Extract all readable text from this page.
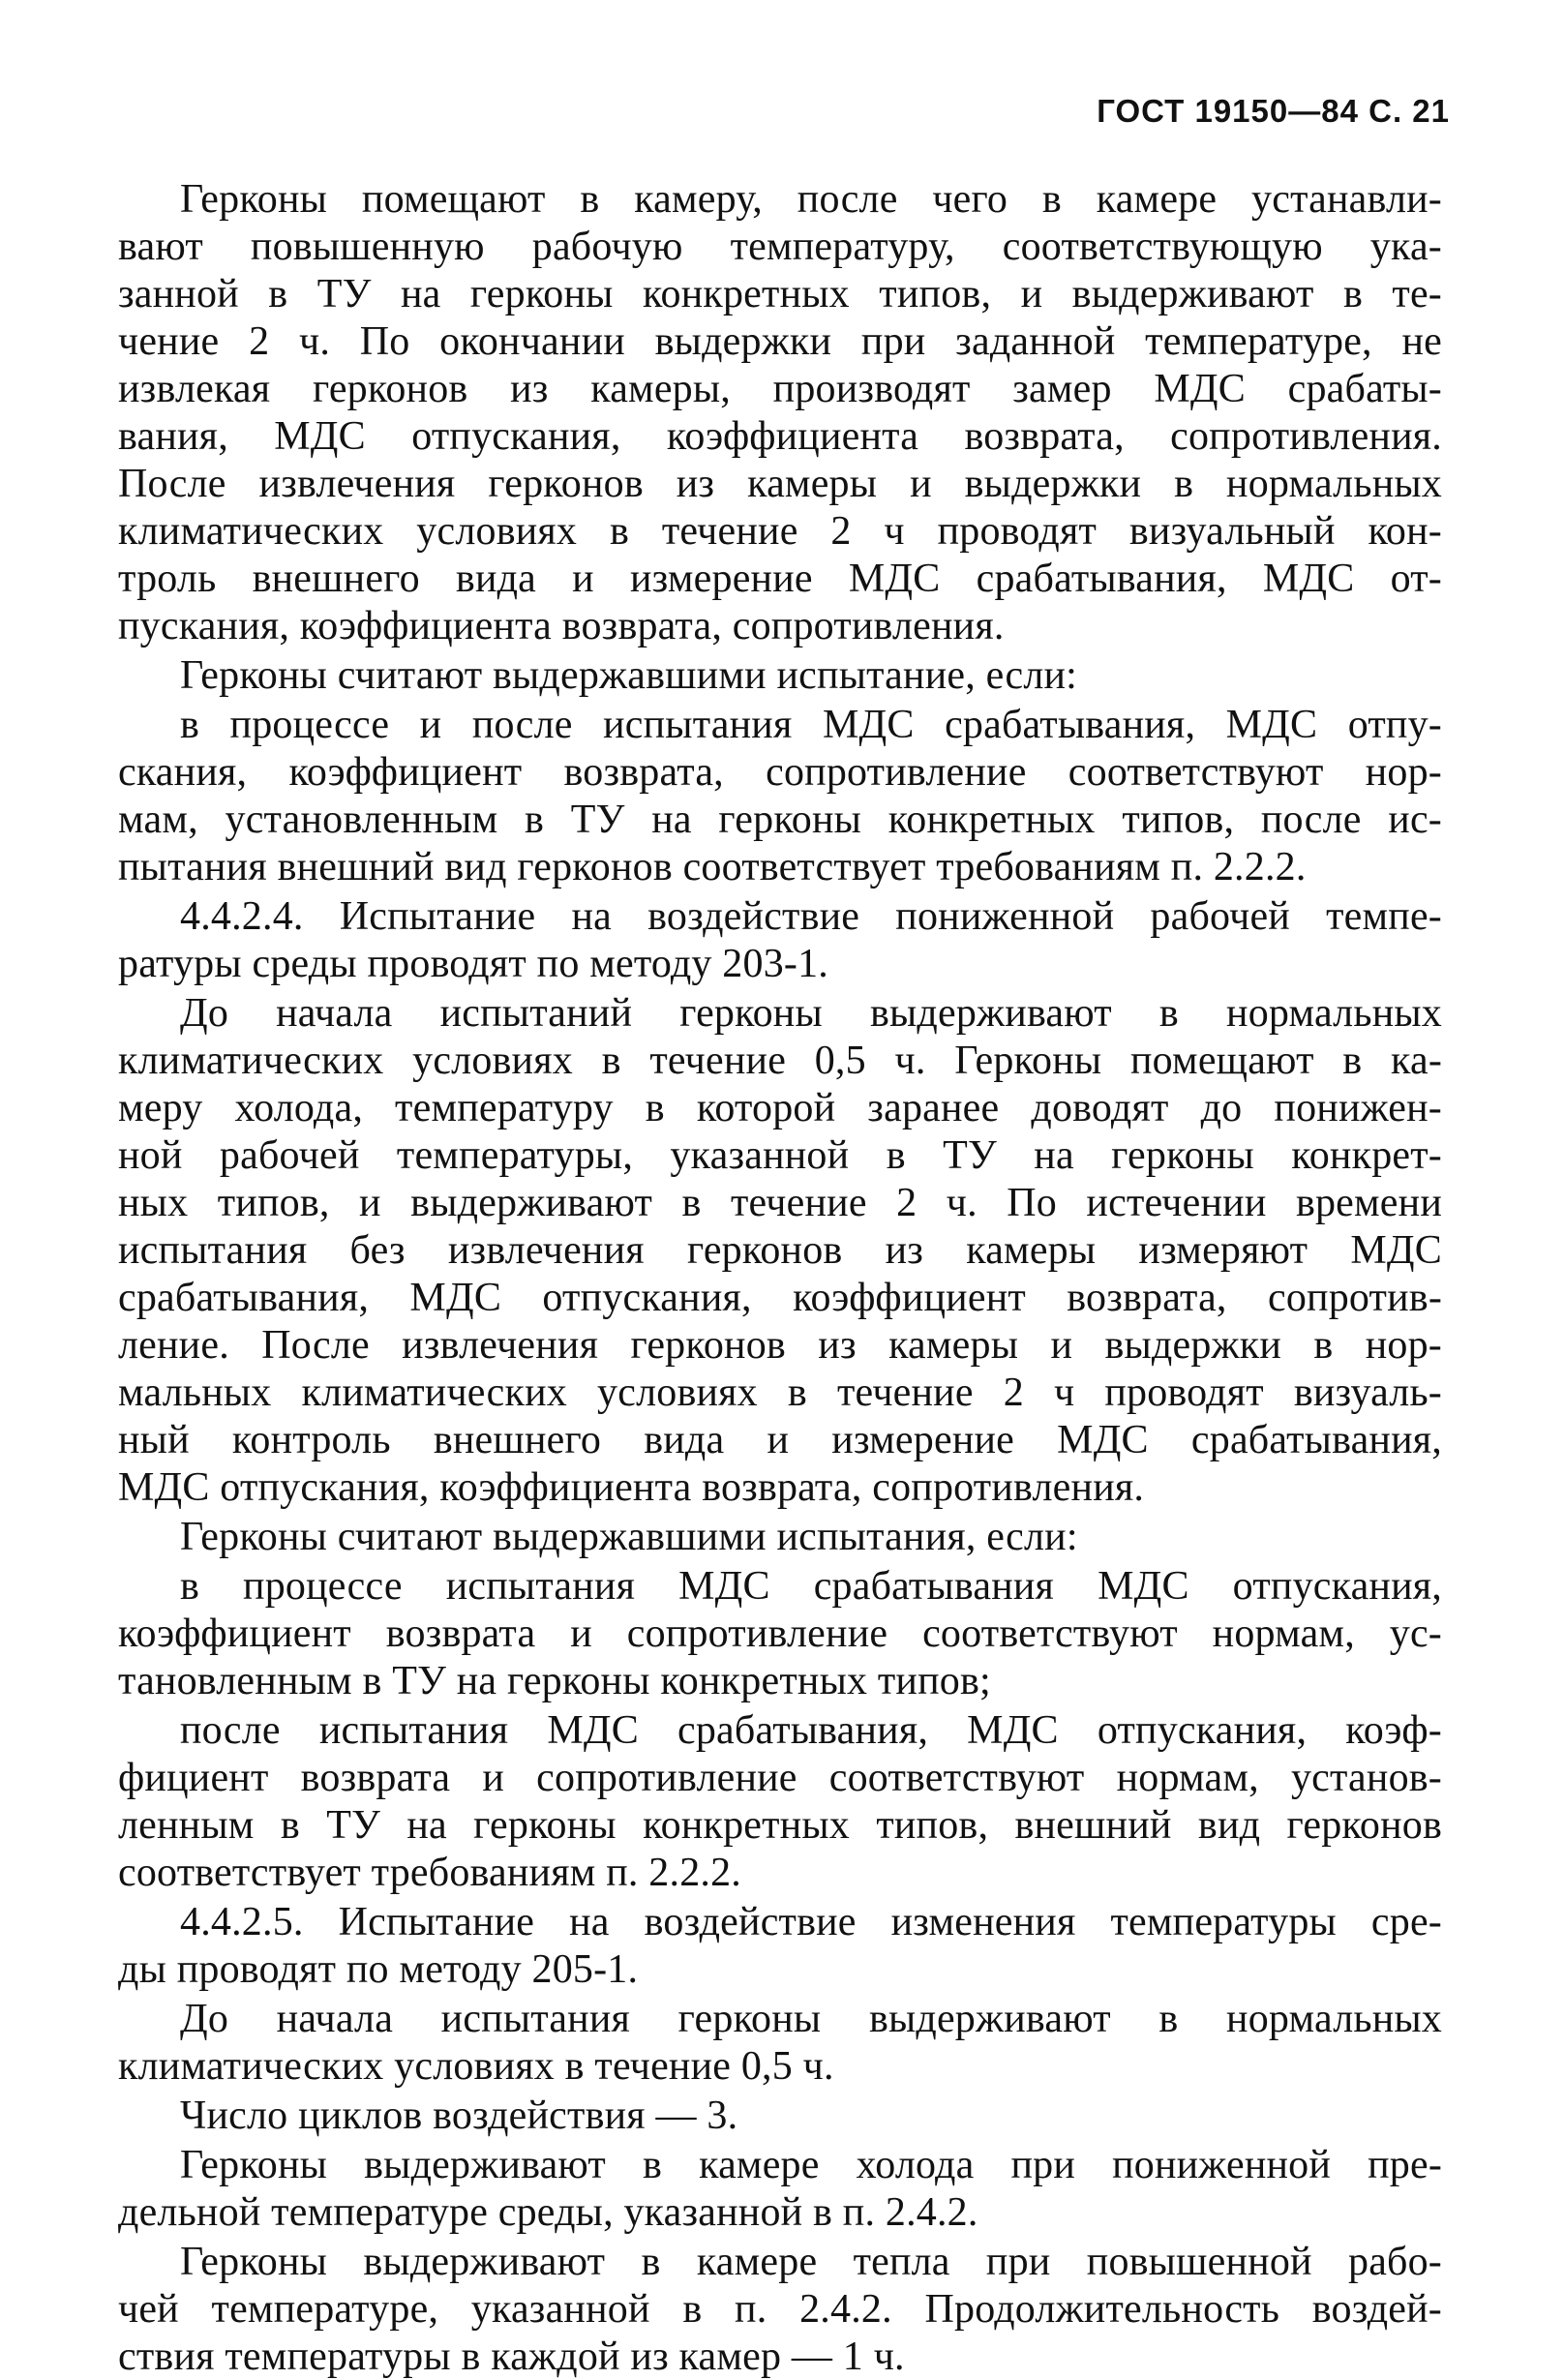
ГОСТ 19150—84 С. 21
Герконы помещают в камеру, после чего в камере устанавли-
вают повышенную рабочую температуру, соответствующую ука-
занной в ТУ на герконы конкретных типов, и выдерживают в те-
чение 2 ч. По окончании выдержки при заданной температуре, не
извлекая герконов из камеры, производят замер МДС срабаты-
вания, МДС отпускания, коэффициента возврата, сопротивления.
После извлечения герконов из камеры и выдержки в нормальных
климатических условиях в течение 2 ч проводят визуальный кон-
троль внешнего вида и измерение МДС срабатывания, МДС от-
пускания, коэффициента возврата, сопротивления.
Герконы считают выдержавшими испытание, если:
в процессе и после испытания МДС срабатывания, МДС отпу-
скания, коэффициент возврата, сопротивление соответствуют нор-
мам, установленным в ТУ на герконы конкретных типов, после ис-
пытания внешний вид герконов соответствует требованиям п. 2.2.2.
4.4.2.4. Испытание на воздействие пониженной рабочей темпе-
ратуры среды проводят по методу 203-1.
До начала испытаний герконы выдерживают в нормальных
климатических условиях в течение 0,5 ч. Герконы помещают в ка-
меру холода, температуру в которой заранее доводят до понижен-
ной рабочей температуры, указанной в ТУ на герконы конкрет-
ных типов, и выдерживают в течение 2 ч. По истечении времени
испытания без извлечения герконов из камеры измеряют МДС
срабатывания, МДС отпускания, коэффициент возврата, сопротив-
ление. После извлечения герконов из камеры и выдержки в нор-
мальных климатических условиях в течение 2 ч проводят визуаль-
ный контроль внешнего вида и измерение МДС срабатывания,
МДС отпускания, коэффициента возврата, сопротивления.
Герконы считают выдержавшими испытания, если:
в процессе испытания МДС срабатывания МДС отпускания,
коэффициент возврата и сопротивление соответствуют нормам, ус-
тановленным в ТУ на герконы конкретных типов;
после испытания МДС срабатывания, МДС отпускания, коэф-
фициент возврата и сопротивление соответствуют нормам, установ-
ленным в ТУ на герконы конкретных типов, внешний вид герконов
соответствует требованиям п. 2.2.2.
4.4.2.5. Испытание на воздействие изменения температуры сре-
ды проводят по методу 205-1.
До начала испытания герконы выдерживают в нормальных
климатических условиях в течение 0,5 ч.
Число циклов воздействия — 3.
Герконы выдерживают в камере холода при пониженной пре-
дельной температуре среды, указанной в п. 2.4.2.
Герконы выдерживают в камере тепла при повышенной рабо-
чей температуре, указанной в п. 2.4.2. Продолжительность воздей-
ствия температуры в каждой из камер — 1 ч.
